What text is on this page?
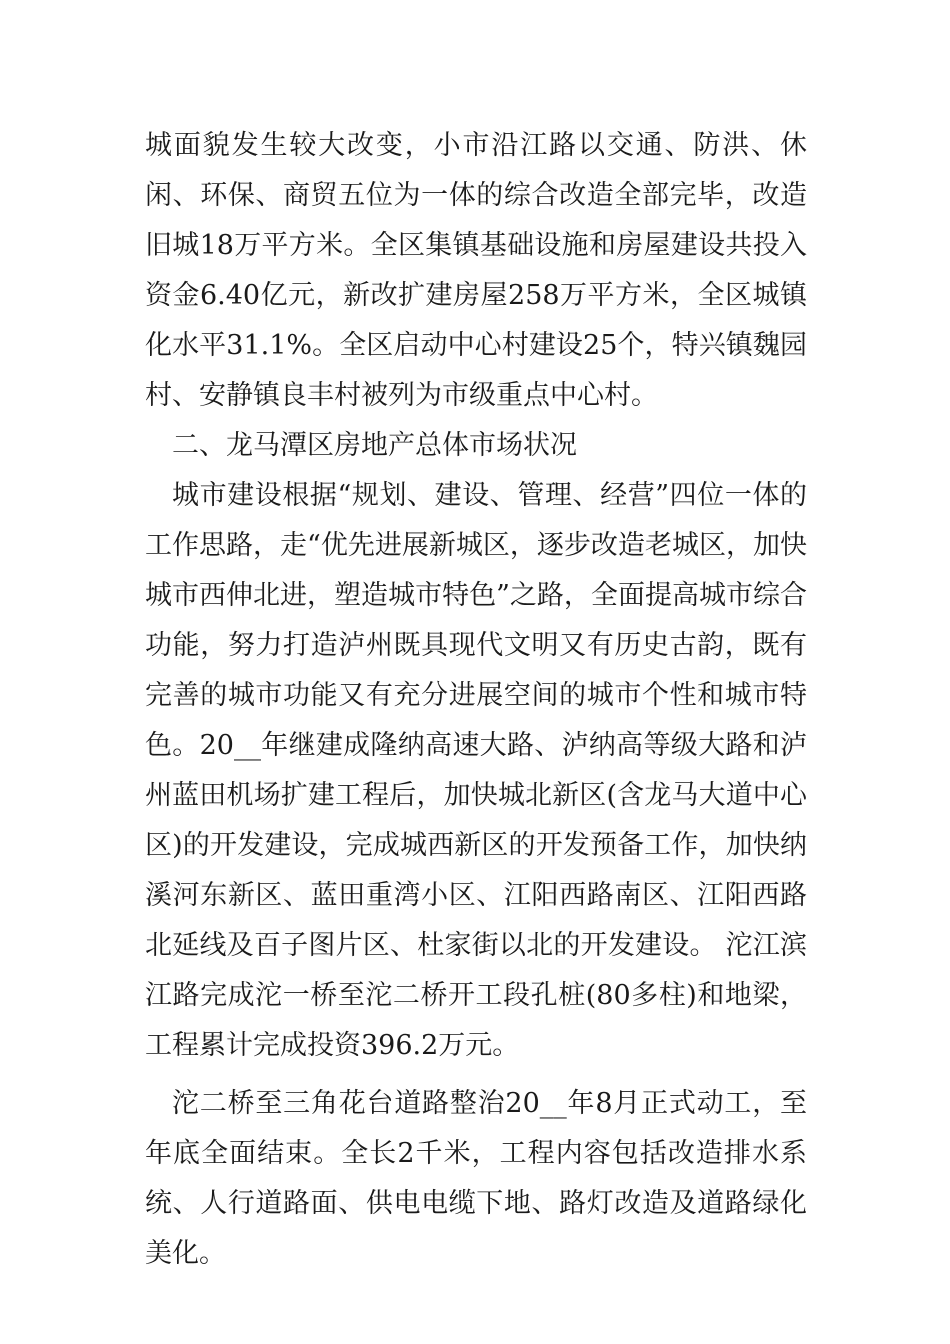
城面貌发生较大改变，小市沿江路以交通、防洪、休闲、环保、商贸五位为一体的综合改造全部完毕，改造旧城18万平方米。全区集镇基础设施和房屋建设共投入资金6.40亿元，新改扩建房屋258万平方米，全区城镇化水平31.1%。全区启动中心村建设25个，特兴镇魏园村、安静镇良丰村被列为市级重点中心村。

二、龙马潭区房地产总体市场状况

城市建设根据“规划、建设、管理、经营”四位一体的工作思路，走“优先进展新城区，逐步改造老城区，加快城市西伸北进，塑造城市特色”之路，全面提高城市综合功能，努力打造泸州既具现代文明又有历史古韵，既有完善的城市功能又有充分进展空间的城市个性和城市特色。20__年继建成隆纳高速大路、泸纳高等级大路和泸州蓝田机场扩建工程后，加快城北新区(含龙马大道中心区)的开发建设，完成城西新区的开发预备工作，加快纳溪河东新区、蓝田重湾小区、江阳西路南区、江阳西路北延线及百子图片区、杜家街以北的开发建设。 沱江滨江路完成沱一桥至沱二桥开工段孔桩(80多柱)和地梁，工程累计完成投资396.2万元。

沱二桥至三角花台道路整治20__年8月正式动工，至年底全面结束。全长2千米，工程内容包括改造排水系统、人行道路面、供电电缆下地、路灯改造及道路绿化美化。
